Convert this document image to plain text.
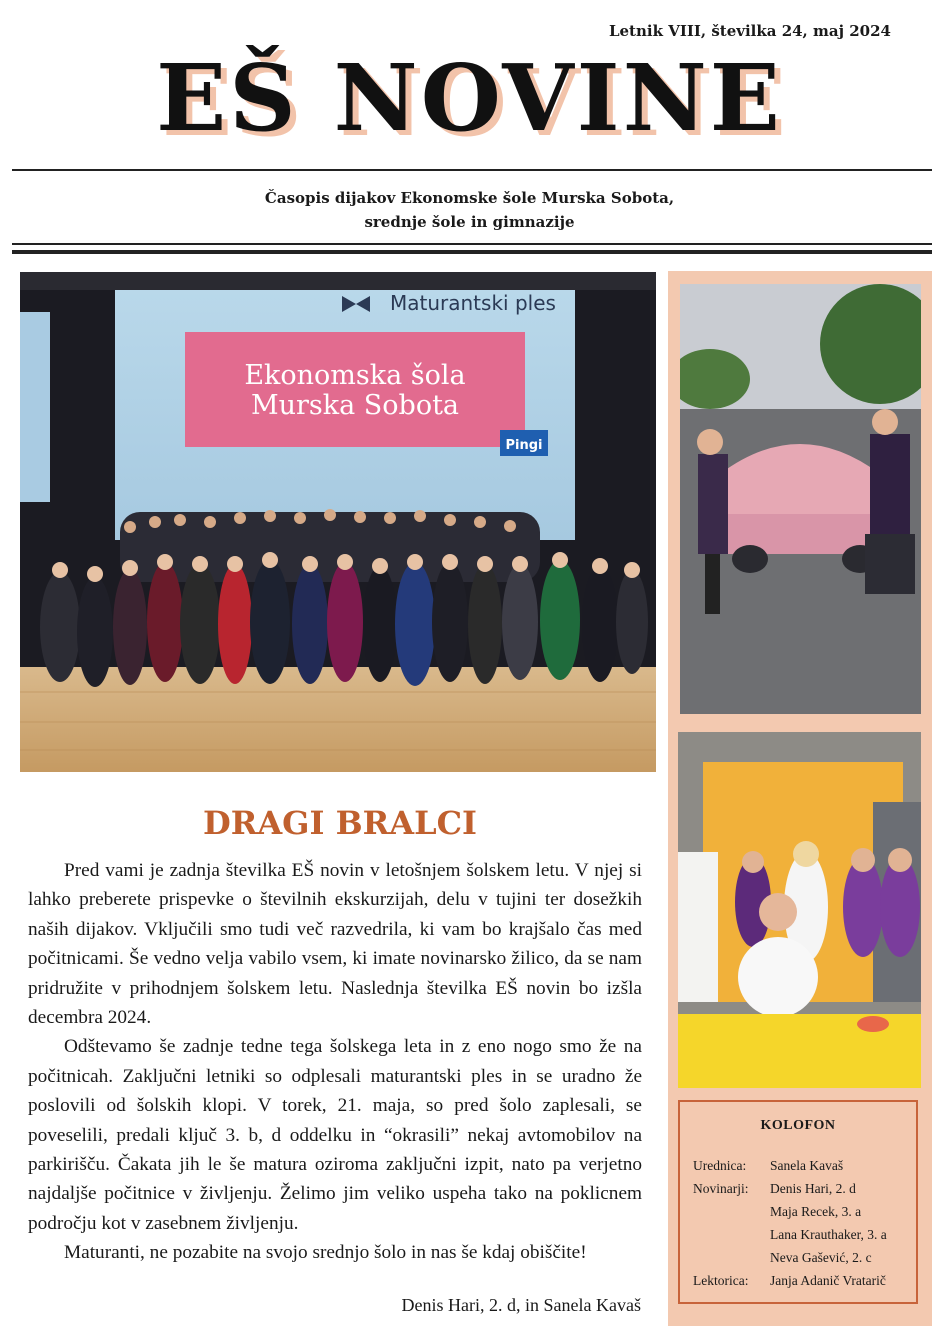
Letnik VIII, številka 24, maj 2024
EŠ NOVINE
Časopis dijakov Ekonomske šole Murska Sobota,
srednje šole in gimnazije
Maturantski ples
Ekonomska šola
Murska Sobota
Pingi
DRAGI BRALCI

Pred vami je zadnja številka EŠ novin v letošnjem šolskem letu. V njej si lahko preberete prispevke o številnih ekskurzijah, delu v tujini ter dosežkih naših dijakov. Vključili smo tudi več razvedrila, ki vam bo krajšalo čas med počitnicami. Še vedno velja vabilo vsem, ki imate novinarsko žilico, da se nam pridružite v prihodnjem šolskem letu. Naslednja številka EŠ novin bo izšla decembra 2024.

Odštevamo še zadnje tedne tega šolskega leta in z eno nogo smo že na počitnicah. Zaključni letniki so odplesali maturantski ples in se uradno že poslovili od šolskih klopi. V torek, 21. maja, so pred šolo zaplesali, se poveselili, predali ključ 3. b, d oddelku in “okrasili” nekaj avtomobilov na parkirišču. Čakata jih le še matura oziroma zaključni izpit, nato pa verjetno najdaljše počitnice v življenju. Želimo jim veliko uspeha tako na poklicnem področju kot v zasebnem življenju.

Maturanti, ne pozabite na svojo srednjo šolo in nas še kdaj obiščite!

Denis Hari, 2. d, in Sanela Kavaš
KOLOFON
Urednica:	Sanela Kavaš
Novinarji:	Denis Hari, 2. d
Maja Recek, 3. a
Lana Krauthaker, 3. a
Neva Gašević, 2. c
Lektorica:	Janja Adanič Vratarič
